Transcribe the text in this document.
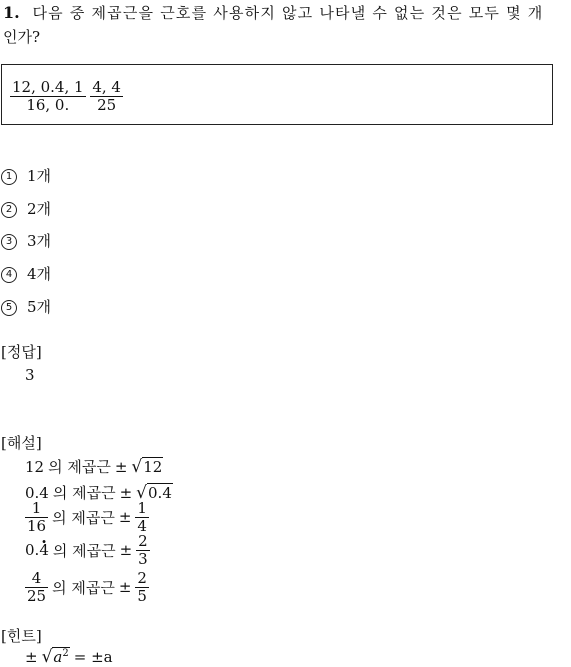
1. 다음 중 제곱근을 근호를 사용하지 않고 나타낼 수 없는 것은 모두 몇 개
인가?
$\frac{12, 0.4, 1}{16, 0.}$
$\frac{4, 4}{25}$
1 1개
2 2개
3 3개
4 4개
5 5개
[정답]
3
[해설]
12 의 제곱근 ± √12
0.4 의 제곱근 ± √0.4
$\frac{1}{16}$ 의 제곱근 ± $\frac{1}{4}$
0.4 · 의 제곱근 ± $\frac{2}{3}$
$\frac{4}{25}$ 의 제곱근 ± $\frac{2}{5}$
[힌트]
± $√a^2 = \pm a$
